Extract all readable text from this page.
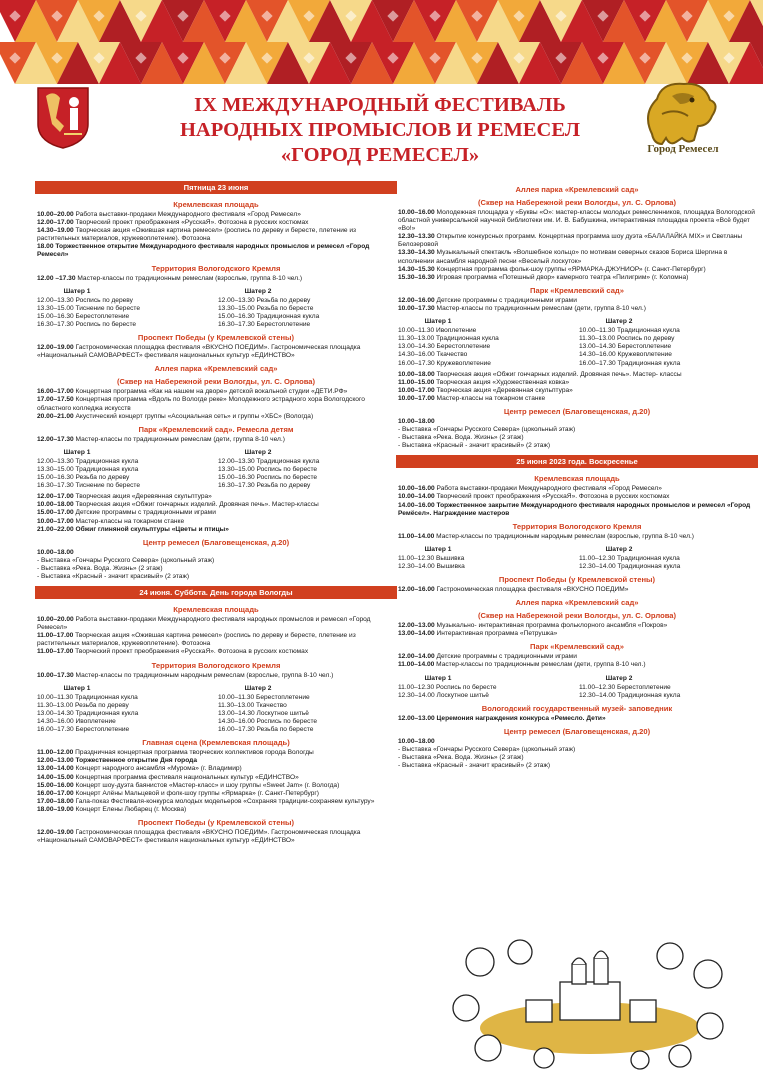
Город Ремесел
IX МЕЖДУНАРОДНЫЙ ФЕСТИВАЛЬ
НАРОДНЫХ ПРОМЫСЛОВ И РЕМЕСЕЛ
«ГОРОД РЕМЕСЕЛ»
Пятница 23 июня
Кремлевская площадь
10.00–20.00 Работа выставки-продажи Международного фестиваля «Город Ремесел»
12.00–17.00 Творческий проект преображения «РусскаЯ». Фотозона в русских костюмах
14.30–19.00 Творческая акция «Ожившая картина ремесел» (роспись по дереву и бересте, плетение из растительных материалов, кружевоплетение). Фотозона
18.00 Торжественное открытие Международного фестиваля народных промыслов и ремесел «Город Ремесел»
Территория Вологодского Кремля
12.00 –17.30 Мастер-классы по традиционным ремеслам (взрослые, группа 8-10 чел.)
Шатер 1
12.00–13.30 Роспись по дереву
13.30–15.00 Тиснение по бересте
15.00–16.30 Берестоплетение
16.30–17.30 Роспись по бересте
Шатер 2
12.00–13.30 Резьба по дереву
13.30–15.00 Резьба по бересте
15.00–16.30 Традиционная кукла
16.30–17.30 Берестоплетение
Проспект Победы (у Кремлевской стены)
12.00–19.00 Гастрономическая площадка фестиваля «ВКУСНО ПОЕДИМ». Гастрономическая площадка «Национальный САМОВАРФЕСТ» фестиваля национальных культур «ЕДИНСТВО»
Аллея парка «Кремлевский сад»
(Сквер на Набережной реки Вологды, ул. С. Орлова)
16.00–17.00 Концертная программа «Как на нашем на дворе» детской вокальной студии «ДЕТИ.РФ»
17.00–17.50 Концертная программа «Вдоль по Вологде реке» Молодежного эстрадного хора Вологодского областного колледжа искусств
20.00–21.00 Акустический концерт группы «Асоциальная сеть» и группы «ХБС» (Вологда)
Парк «Кремлевский сад». Ремесла детям
12.00–17.30 Мастер-классы по традиционным ремеслам (дети, группа 8-10 чел.)
Шатер 1
12.00–13.30 Традиционная кукла
13.30–15.00 Традиционная кукла
15.00–16.30 Резьба по дереву
16.30–17.30 Тиснение по бересте
Шатер 2
12.00–13.30 Традиционная кукла
13.30–15.00 Роспись по бересте
15.00–16.30 Роспись по бересте
16.30–17.30 Резьба по дереву
12.00–17.00 Творческая акция «Деревянная скульптура»
10.00–18.00 Творческая акция «Обжиг гончарных изделий. Дровяная печь». Мастер-классы
15.00–17.00 Детские программы с традиционными играми
10.00–17.00 Мастер-классы на токарном станке
21.00–22.00 Обжиг глиняной скульптуры «Цветы и птицы»
Центр ремесел (Благовещенская, д.20)
10.00–18.00
- Выставка «Гончары Русского Севера» (цокольный этаж)
- Выставка «Река. Вода. Жизнь» (2 этаж)
- Выставка «Красный - значит красивый» (2 этаж)
24 июня. Суббота. День города Вологды
Кремлевская площадь
10.00–20.00 Работа выставки-продажи Международного фестиваля народных промыслов и ремесел «Город Ремесел»
11.00–17.00 Творческая акция «Ожившая картина ремесел» (роспись по дереву и бересте, плетение из растительных материалов, кружевоплетение). Фотозона
11.00–17.00 Творческий проект преображения «РусскаЯ». Фотозона в русских костюмах
Территория Вологодского Кремля
10.00–17.30 Мастер-классы по традиционным народным ремеслам (взрослые, группа 8-10 чел.)
Шатер 1
10.00–11.30 Традиционная кукла
11.30–13.00 Резьба по дереву
13.00–14.30 Традиционная кукла
14.30–16.00 Ивоплетение
16.00–17.30 Берестоплетение
Шатер 2
10.00–11.30 Берестоплетение
11.30–13.00 Ткачество
13.00–14.30 Лоскутное шитьё
14.30–16.00 Роспись по бересте
16.00–17.30 Резьба по бересте
Главная сцена (Кремлевская площадь)
11.00–12.00 Праздничная концертная программа творческих коллективов города Вологды
12.00–13.00 Торжественное открытие Дня города
13.00–14.00 Концерт народного ансамбля «Мурома» (г. Владимир)
14.00–15.00 Концертная программа фестиваля национальных культур «ЕДИНСТВО»
15.00–16.00 Концерт шоу-дуэта баянистов «Мастер-класс» и шоу группы «Sweet Jam» (г. Вологда)
16.00–17.00 Концерт Алёны Мальцевой и фолк-шоу группы «Ярмарка» (г. Санкт-Петербург)
17.00–18.00 Гала-показ Фестиваля-конкурса молодых модельеров «Сохраняя традиции-сохраняем культуру»
18.00–19.00 Концерт Елены Любарец (г. Москва)
Проспект Победы (у Кремлевской стены)
12.00–19.00 Гастрономическая площадка фестиваля «ВКУСНО ПОЕДИМ». Гастрономическая площадка «Национальный САМОВАРФЕСТ» фестиваля национальных культур «ЕДИНСТВО»
Аллея парка «Кремлевский сад»
(Сквер на Набережной реки Вологды, ул. С. Орлова)
10.00–16.00 Молодежная площадка у «Буквы «О»: мастер-классы молодых ремесленников, площадка Вологодской областной универсальной научной библиотеки им. И. В. Бабушкина, интерактивная площадка проекта «Всё будет «Во!»
12.30–13.30 Открытие конкурсных программ. Концертная программа шоу дуэта «БАЛАЛАЙКА MIX» и Светланы Белозеровой
13.30–14.30 Музыкальный спектакль «Волшебное кольцо» по мотивам северных сказов Бориса Шергина в исполнении ансамбля народной песни «Веселый лоскуток»
14.30–15.30 Концертная программа фольк-шоу группы «ЯРМАРКА-ДЖУНИОР» (г. Санкт-Петербург)
15.30–16.30 Игровая программа «Потешный двор» камерного театра «Пилигрим» (г. Коломна)
Парк «Кремлевский сад»
12.00–16.00 Детские программы с традиционными играми
10.00–17.30 Мастер-классы по традиционным ремеслам (дети, группа 8-10 чел.)
Шатер 1
10.00–11.30 Ивоплетение
11.30–13.00 Традиционная кукла
13.00–14.30 Берестоплетение
14.30–16.00 Ткачество
16.00–17.30 Кружевоплетение
Шатер 2
10.00–11.30 Традиционная кукла
11.30–13.00 Роспись по дереву
13.00–14.30 Берестоплетение
14.30–16.00 Кружевоплетение
16.00–17.30 Традиционная кукла
10.00–18.00 Творческая акция «Обжиг гончарных изделий. Дровяная печь». Мастер- классы
11.00–15.00 Творческая акция «Художественная ковка»
10.00–17.00 Творческая акция «Деревянная скульптура»
10.00–17.00 Мастер-классы на токарном станке
Центр ремесел (Благовещенская, д.20)
10.00–18.00
- Выставка «Гончары Русского Севера» (цокольный этаж)
- Выставка «Река. Вода. Жизнь» (2 этаж)
- Выставка «Красный - значит красивый» (2 этаж)
25 июня 2023 года. Воскресенье
Кремлевская площадь
10.00–16.00 Работа выставки-продажи Международного фестиваля «Город Ремесел»
10.00–14.00 Творческий проект преображения «РусскаЯ». Фотозона в русских костюмах
14.00–16.00 Торжественное закрытие Международного фестиваля народных промыслов и ремесел «Город Ремёсел». Награждение мастеров
Территория Вологодского Кремля
11.00–14.00 Мастер-классы по традиционным народным ремеслам (взрослые, группа 8-10 чел.)
Шатер 1
11.00–12.30 Вышивка
12.30–14.00 Вышивка
Шатер 2
11.00–12.30 Традиционная кукла
12.30–14.00 Традиционная кукла
Проспект Победы (у Кремлевской стены)
12.00–16.00 Гастрономическая площадка фестиваля «ВКУСНО ПОЕДИМ»
Аллея парка «Кремлевский сад»
(Сквер на Набережной реки Вологды, ул. С. Орлова)
12.00–13.00 Музыкально- интерактивная программа фольклорного ансамбля «Покров»
13.00–14.00 Интерактивная программа «Петрушка»
Парк «Кремлевский сад»
12.00–14.00 Детские программы с традиционными играми
11.00–14.00 Мастер-классы по традиционным ремеслам (дети, группа 8-10 чел.)
Шатер 1
11.00–12.30 Роспись по бересте
12.30–14.00 Лоскутное шитьё
Шатер 2
11.00–12.30 Берестоплетение
12.30–14.00 Традиционная кукла
Вологодский государственный музей- заповедник
12.00–13.00 Церемония награждения конкурса «Ремесло. Дети»
Центр ремесел (Благовещенская, д.20)
10.00–18.00
- Выставка «Гончары Русского Севера» (цокольный этаж)
- Выставка «Река. Вода. Жизнь» (2 этаж)
- Выставка «Красный - значит красивый» (2 этаж)
